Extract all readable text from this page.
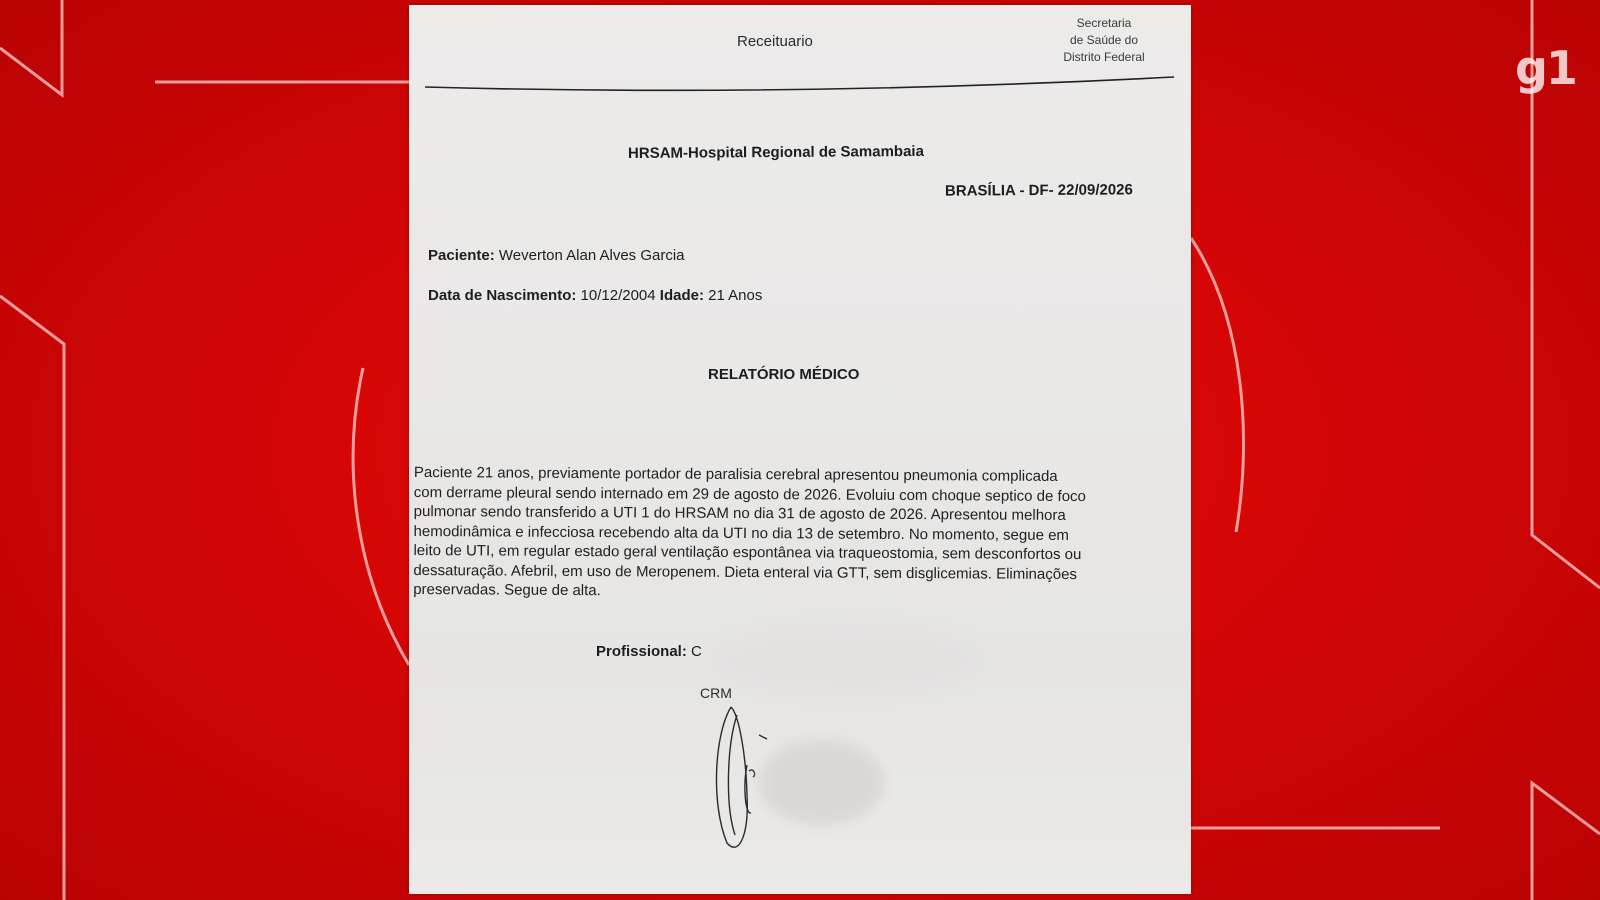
g1
Receituario
Secretaria
de Saúde do
Distrito Federal
HRSAM-Hospital Regional de Samambaia
BRASÍLIA - DF- 22/09/2026
Paciente: Weverton Alan Alves Garcia
Data de Nascimento: 10/12/2004 Idade: 21 Anos
RELATÓRIO MÉDICO
Paciente 21 anos, previamente portador de paralisia cerebral apresentou pneumonia complicada
com derrame pleural sendo internado em 29 de agosto de 2026. Evoluiu com choque septico de foco
pulmonar sendo transferido a UTI 1 do HRSAM no dia 31 de agosto de 2026. Apresentou melhora
hemodinâmica e infecciosa recebendo alta da UTI no dia 13 de setembro. No momento, segue em
leito de UTI, em regular estado geral ventilação espontânea via traqueostomia, sem desconfortos ou
dessaturação. Afebril, em uso de Meropenem. Dieta enteral via GTT, sem disglicemias. Eliminações
preservadas. Segue de alta.
Profissional: C
CRM
